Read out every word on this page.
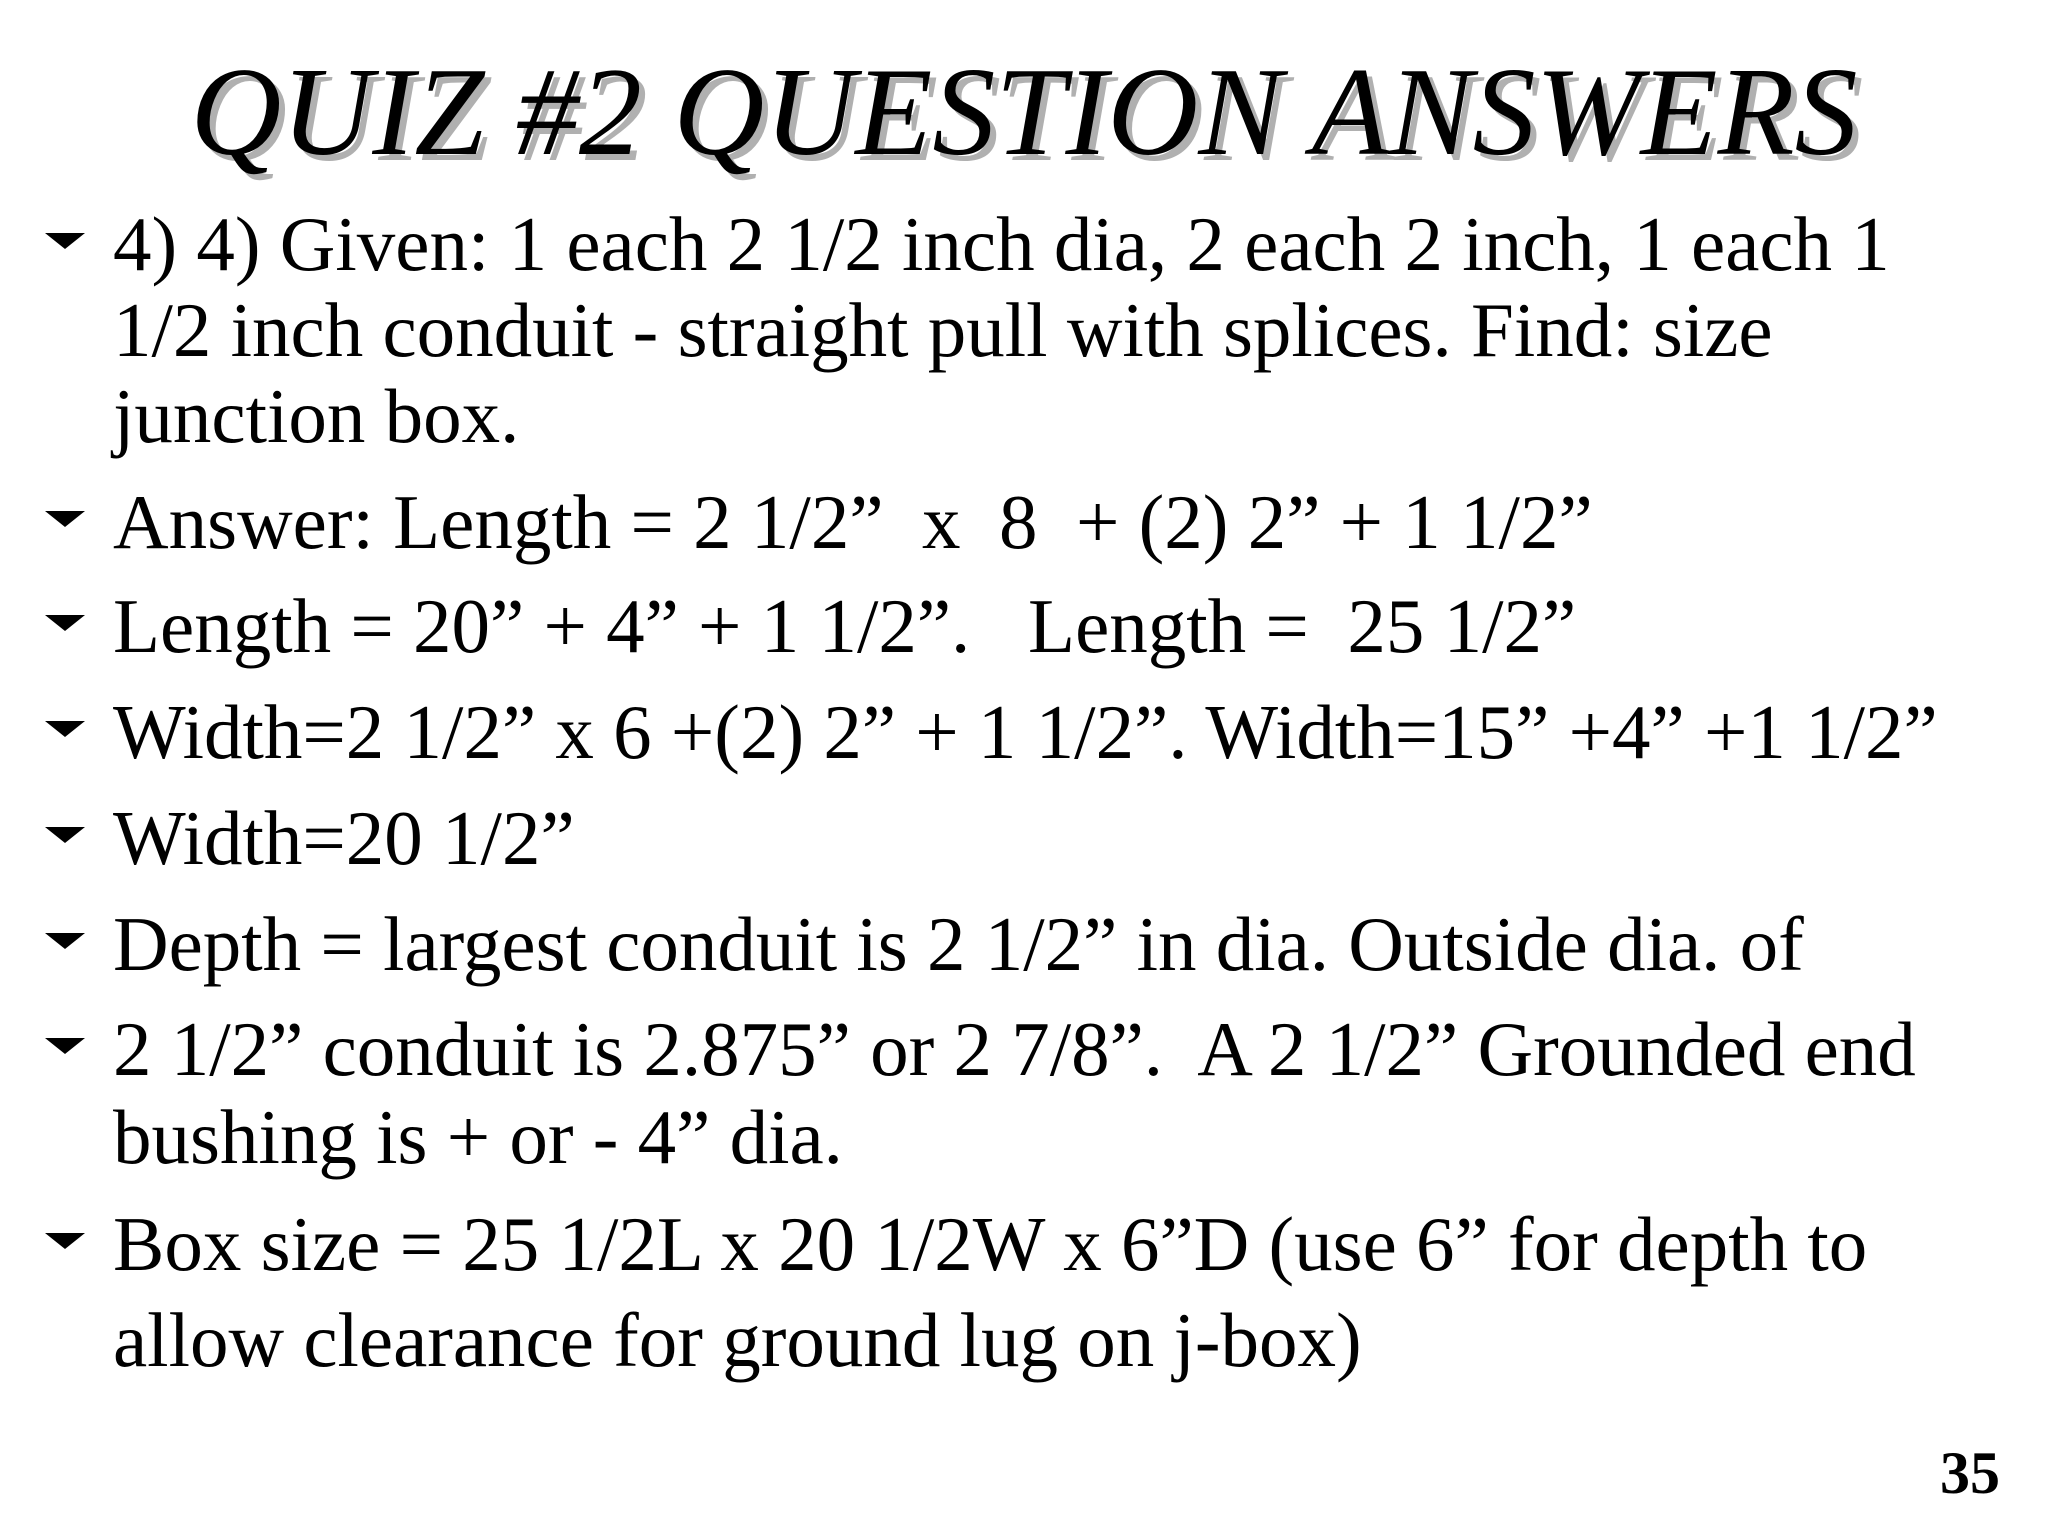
QUIZ #2 QUESTION ANSWERS
4) 4) Given: 1 each 2 1/2 inch dia, 2 each 2 inch, 1 each 1
1/2 inch conduit - straight pull with splices. Find: size
junction box.
Answer: Length = 2 1/2”  x  8  + (2) 2” + 1 1/2”
Length = 20” + 4” + 1 1/2”.   Length =  25 1/2”
Width=2 1/2” x 6 +(2) 2” + 1 1/2”. Width=15” +4” +1 1/2”
Width=20 1/2”
Depth = largest conduit is 2 1/2” in dia. Outside dia. of
2 1/2” conduit is 2.875” or 2 7/8”.  A 2 1/2” Grounded end
bushing is + or - 4” dia.
Box size = 25 1/2L x 20 1/2W x 6”D (use 6” for depth to
allow clearance for ground lug on j-box)
35
